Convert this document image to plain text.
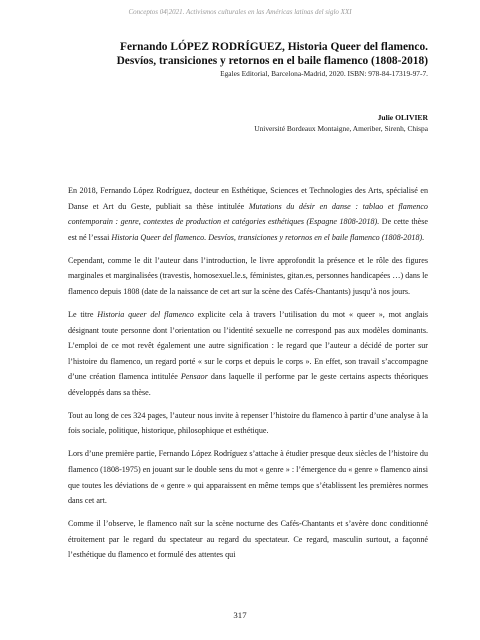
Conceptos 04|2021. Activismos culturales en las Américas latinas del siglo XXI
Fernando LÓPEZ RODRÍGUEZ, Historia Queer del flamenco.
Desvíos, transiciones y retornos en el baile flamenco (1808-2018)
Egales Editorial, Barcelona-Madrid, 2020. ISBN: 978-84-17319-97-7.
Julie OLIVIER
Université Bordeaux Montaigne, Ameriber, Sirenh, Chispa

En 2018, Fernando López Rodríguez, docteur en Esthétique, Sciences et Technologies des Arts, spécialisé en Danse et Art du Geste, publiait sa thèse intitulée Mutations du désir en danse : tablao et flamenco contemporain : genre, contextes de production et catégories esthétiques (Espagne 1808-2018). De cette thèse est né l’essai Historia Queer del flamenco. Desvíos, transiciones y retornos en el baile flamenco (1808-2018).

Cependant, comme le dit l’auteur dans l’introduction, le livre approfondit la présence et le rôle des figures marginales et marginalisées (travestis, homosexuel.le.s, féministes, gitan.es, personnes handicapées …) dans le flamenco depuis 1808 (date de la naissance de cet art sur la scène des Cafés-Chantants) jusqu’à nos jours.

Le titre Historia queer del flamenco explicite cela à travers l’utilisation du mot « queer », mot anglais désignant toute personne dont l’orientation ou l’identité sexuelle ne correspond pas aux modèles dominants. L’emploi de ce mot revêt également une autre signification : le regard que l’auteur a décidé de porter sur l’histoire du flamenco, un regard porté « sur le corps et depuis le corps ». En effet, son travail s’accompagne d’une création flamenca intitulée Pensaor dans laquelle il performe par le geste certains aspects théoriques développés dans sa thèse.

Tout au long de ces 324 pages, l’auteur nous invite à repenser l’histoire du flamenco à partir d’une analyse à la fois sociale, politique, historique, philosophique et esthétique.

Lors d’une première partie, Fernando López Rodríguez s’attache à étudier presque deux siècles de l’histoire du flamenco (1808-1975) en jouant sur le double sens du mot « genre » : l’émergence du « genre » flamenco ainsi que toutes les déviations de « genre » qui apparaissent en même temps que s’établissent les premières normes dans cet art.

Comme il l’observe, le flamenco naît sur la scène nocturne des Cafés-Chantants et s’avère donc conditionné étroitement par le regard du spectateur au regard du spectateur. Ce regard, masculin surtout, a façonné l’esthétique du flamenco et formulé des attentes qui

317
